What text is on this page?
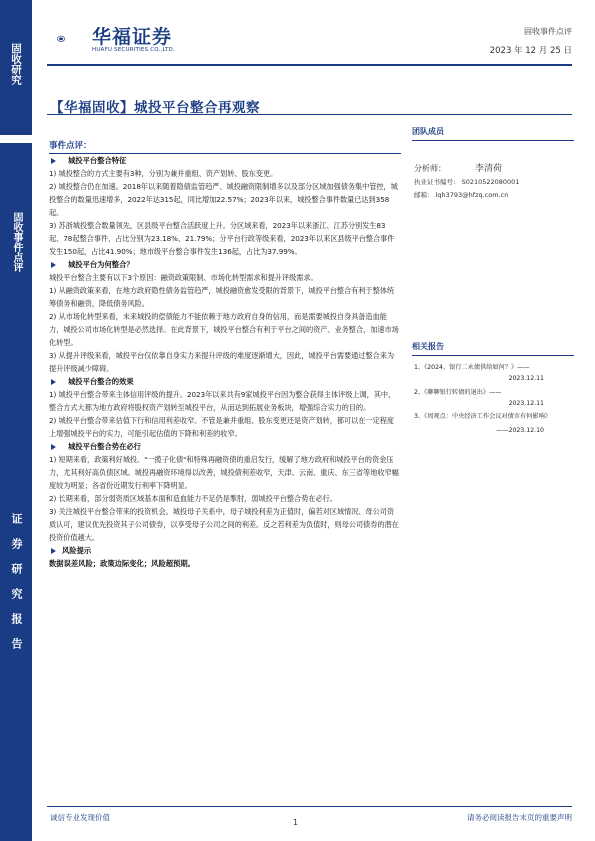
固收研究
固收事件点评
证券研究报告
华福证券
HUAFU SECURITIES CO.,LTD.
固收事件点评
2023 年 12 月 25 日
【华福固收】城投平台整合再观察
事件点评：
城投平台整合特征
1) 城投整合的方式主要有3种，分别为兼并重组、资产划转、股东变更。
2) 城投整合仍在加速。2018年以来随着隐债监管趋严、城投融资限制增多以及部分区域加强债务集中管控，城投整合的数量迅速增多，2022年达315起，同比增加22.57%；2023年以来，城投整合事件数量已达到358起。
3) 苏浙城投整合数量领先，区县级平台整合活跃度上升。分区域来看，2023年以来浙江、江苏分别发生83起、78起整合事件，占比分别为23.18%、21.79%；分平台行政等级来看，2023年以来区县级平台整合事件发生150起，占比41.90%；地市级平台整合事件发生136起，占比为37.99%。
城投平台为何整合？
城投平台整合主要有以下3个原因：融资政策限制、市场化转型需求和提升评级需求。
1) 从融资政策来看，在地方政府隐性债务监管趋严，城投融资愈发受限的背景下，城投平台整合有利于整体统筹债务和融资，降低债务风险。
2) 从市场化转型来看，未来城投的偿债能力不能依赖于地方政府自身的信用，而是需要城投自身具备造血能力，城投公司市场化转型是必然选择。在此背景下，城投平台整合有利于平台之间的资产、业务整合，加速市场化转型。
3) 从提升评级来看，城投平台仅依靠自身实力来提升评级的难度逐渐增大，因此，城投平台需要通过整合来为提升评级减少障碍。
城投平台整合的效果
1) 城投平台整合带来主体信用评级的提升。2023年以来共有9家城投平台因为整合获得主体评级上调，其中，整合方式大都为地方政府将股权资产划转至城投平台，从而达到拓展业务板块，增强综合实力的目的。
2) 城投平台整合带来估值下行和信用利差收窄。不管是兼并重组、股东变更还是资产划转，都可以在一定程度上增强城投平台的实力，可能引起估值的下降和利差的收窄。
城投平台整合势在必行
1) 短期来看，政策利好城投。"一揽子化债"和特殊再融资债的重启发行，缓解了地方政府和城投平台的资金压力，尤其利好高负债区域。城投再融资环境得以改善，城投债利差收窄，天津、云南、重庆、东三省等地收窄幅度较为明显；各省份近期发行利率下降明显。
2) 长期来看，部分弱资质区域基本面和造血能力不足仍是掣肘，弱城投平台整合势在必行。
3) 关注城投平台整合带来的投资机会。城投母子关系中，母子城投利差为正值时，偏若对区域情况、母公司资质认可，建议优先投资其子公司债券，以享受母子公司之间的利差。反之若利差为负值时，则母公司债券的潜在投资价值越大。
风险提示
数据误差风险；政策边际变化；风险超预期。
团队成员
分析师：	李清荷
执业证书编号： S0210522080001
邮箱： lqh3793@hfzq.com.cn
相关报告
1、《2024，银行二永债供给如何？》——
2023.12.11
2、《聊聊银行转债的退出》——
2023.12.11
3、《周观点：中央经济工作会议对债市有何影响》
——2023.12.10
诚信专业发现价值	请务必阅读报告末页的重要声明
1
